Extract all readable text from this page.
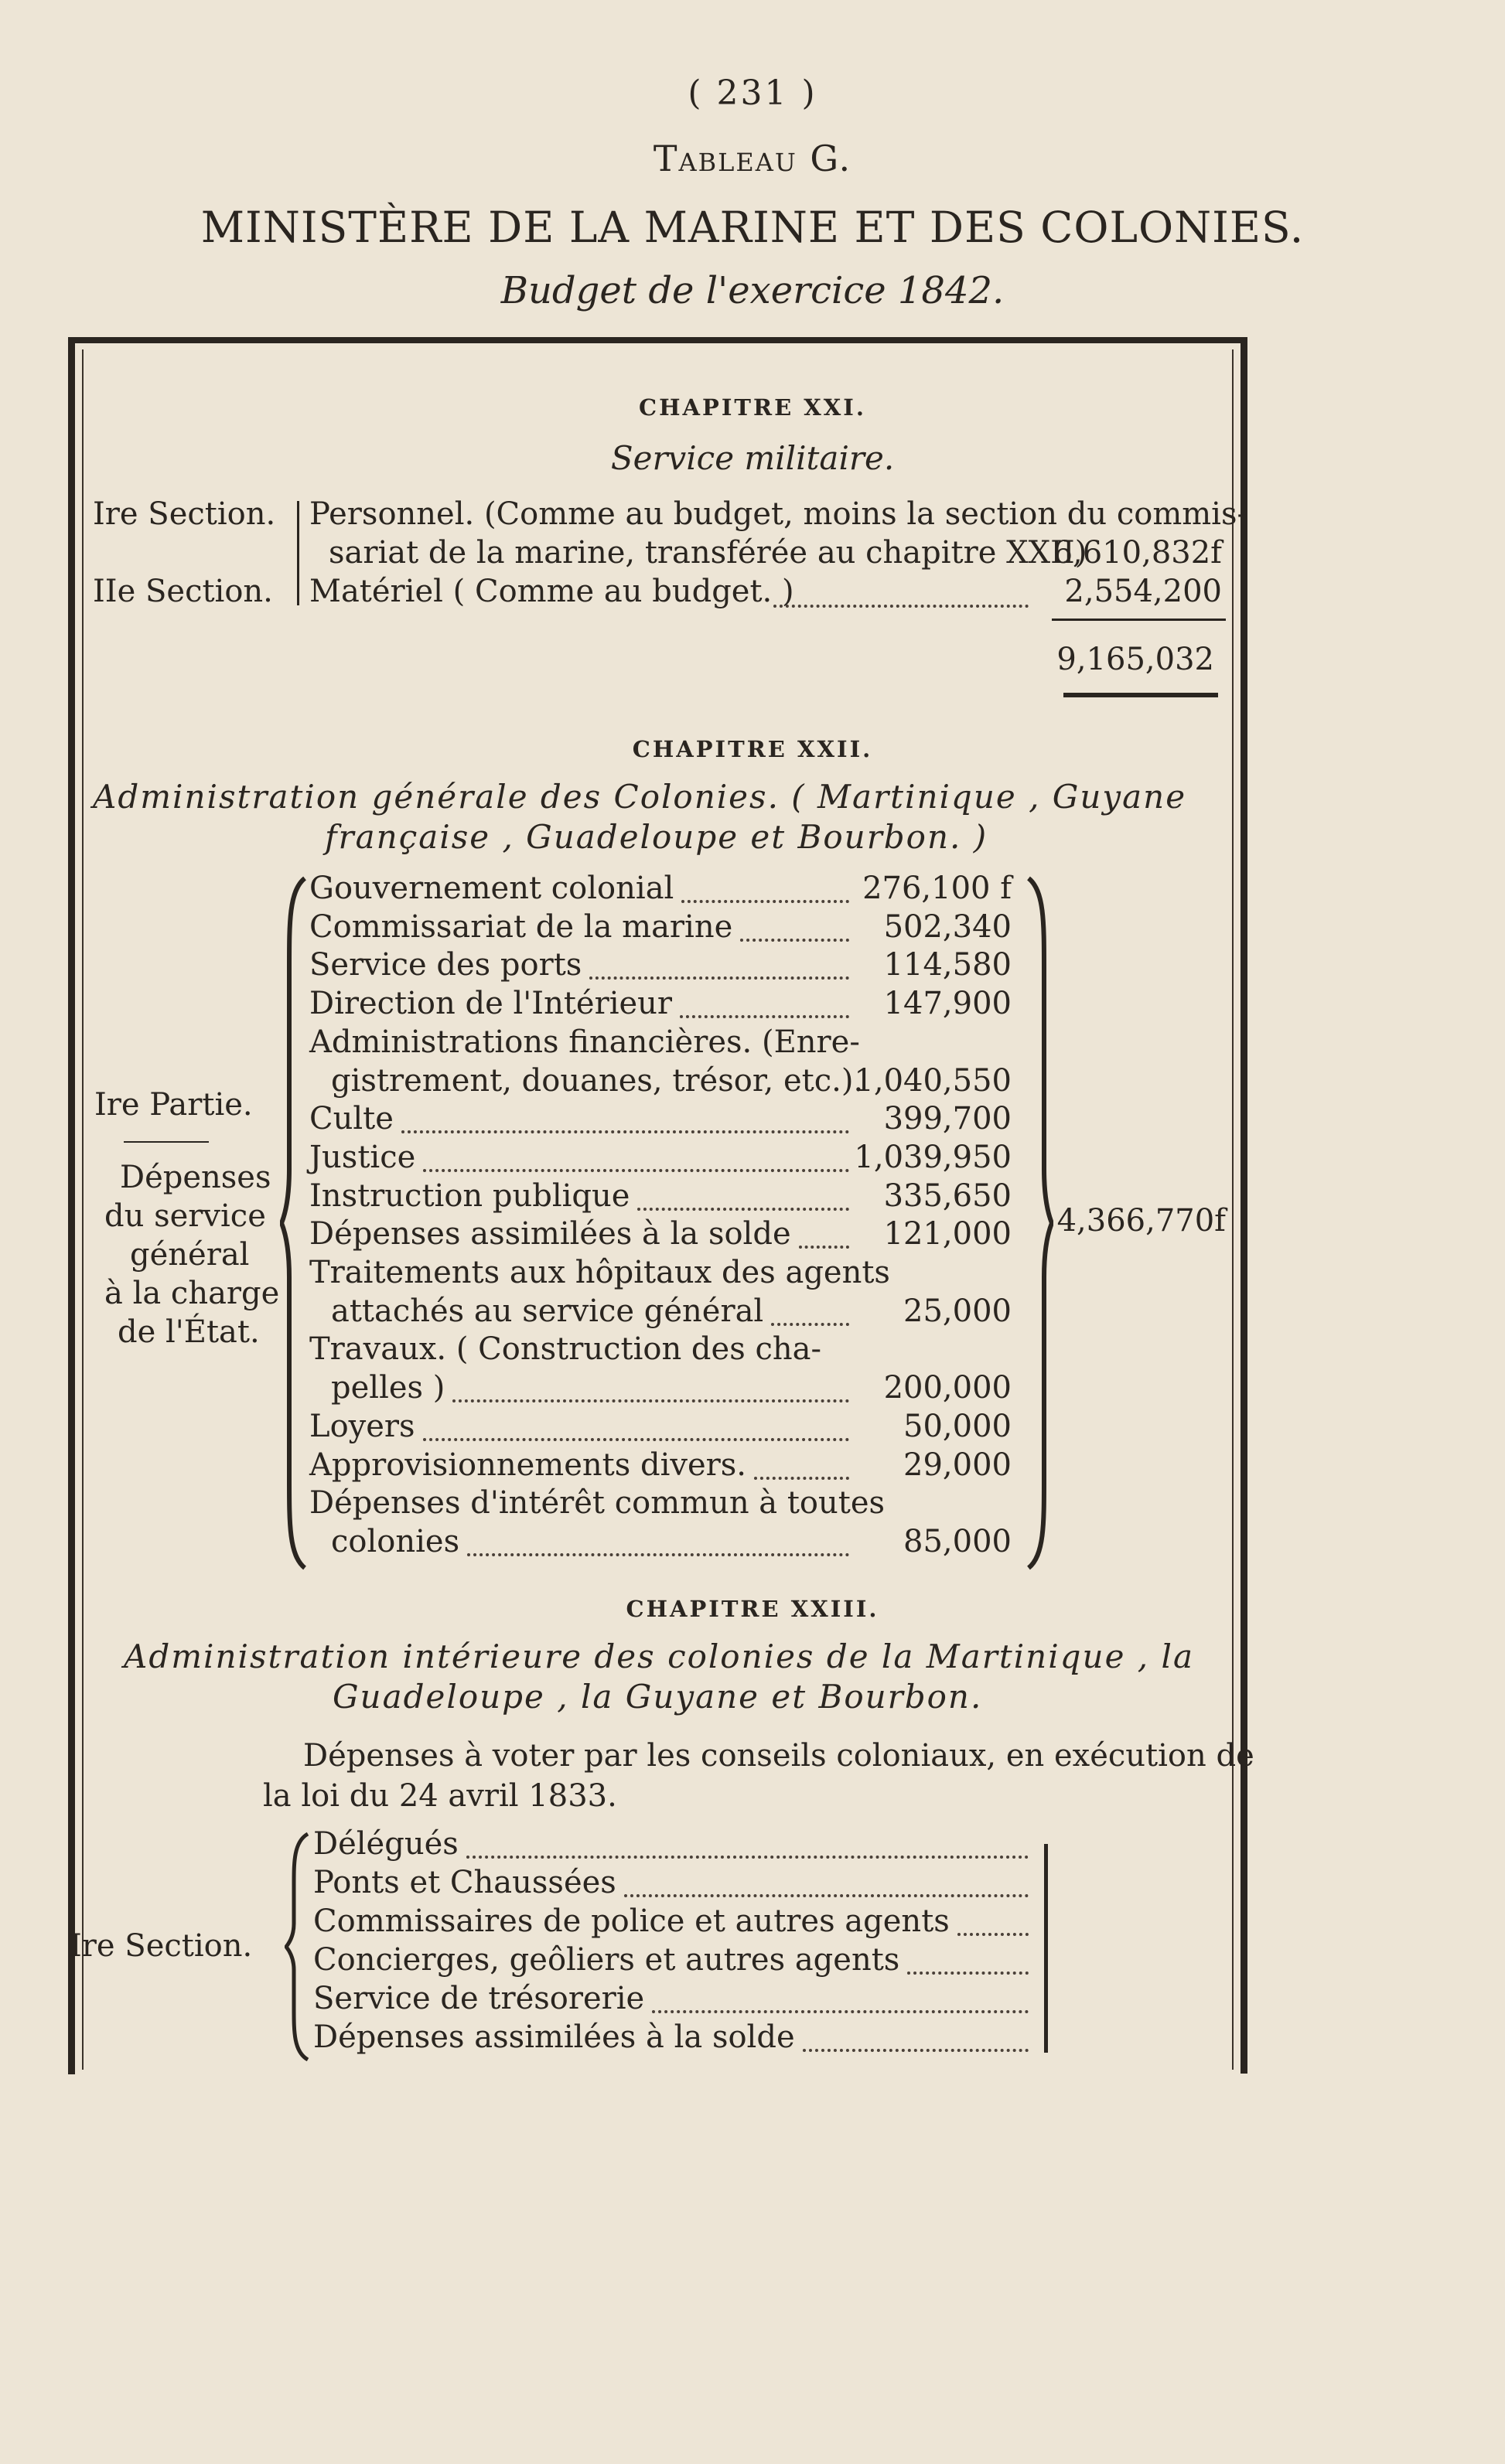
( 231 )
Tableau G.
MINISTÈRE DE LA MARINE ET DES COLONIES.
Budget de l'exercice 1842.
CHAPITRE XXI.
Service militaire.
Ire Section. Personnel. (Comme au budget, moins la section du commis-
sariat de la marine, transférée au chapitre XXII)
6,610,832f
IIe Section. Matériel ( Comme au budget. )	2,554,200
9,165,032
CHAPITRE XXII.
Administration générale des Colonies. ( Martinique , Guyane
française , Guadeloupe et Bourbon. )
Ire Partie.
Dépenses
du service
général
à la charge
de l'État.
Gouvernement colonial	276,100 f
Commissariat de la marine	502,340
Service des ports	114,580
Direction de l'Intérieur	147,900
Administrations financières. (Enre-
gistrement, douanes, trésor, etc.).
1,040,550
Culte	399,700
Justice	1,039,950
Instruction publique	335,650
Dépenses assimilées à la solde	121,000
Traitements aux hôpitaux des agents
attachés au service général	25,000
Travaux. ( Construction des cha-
pelles )	200,000
Loyers	50,000
Approvisionnements divers.	29,000
Dépenses d'intérêt commun à toutes
colonies	85,000
4,366,770f
CHAPITRE XXIII.
Administration intérieure des colonies de la Martinique , la
Guadeloupe , la Guyane et Bourbon.
Dépenses à voter par les conseils coloniaux, en exécution de
la loi du 24 avril 1833.
Ire Section.
Délégués
Ponts et Chaussées
Commissaires de police et autres agents
Concierges, geôliers et autres agents
Service de trésorerie
Dépenses assimilées à la solde
